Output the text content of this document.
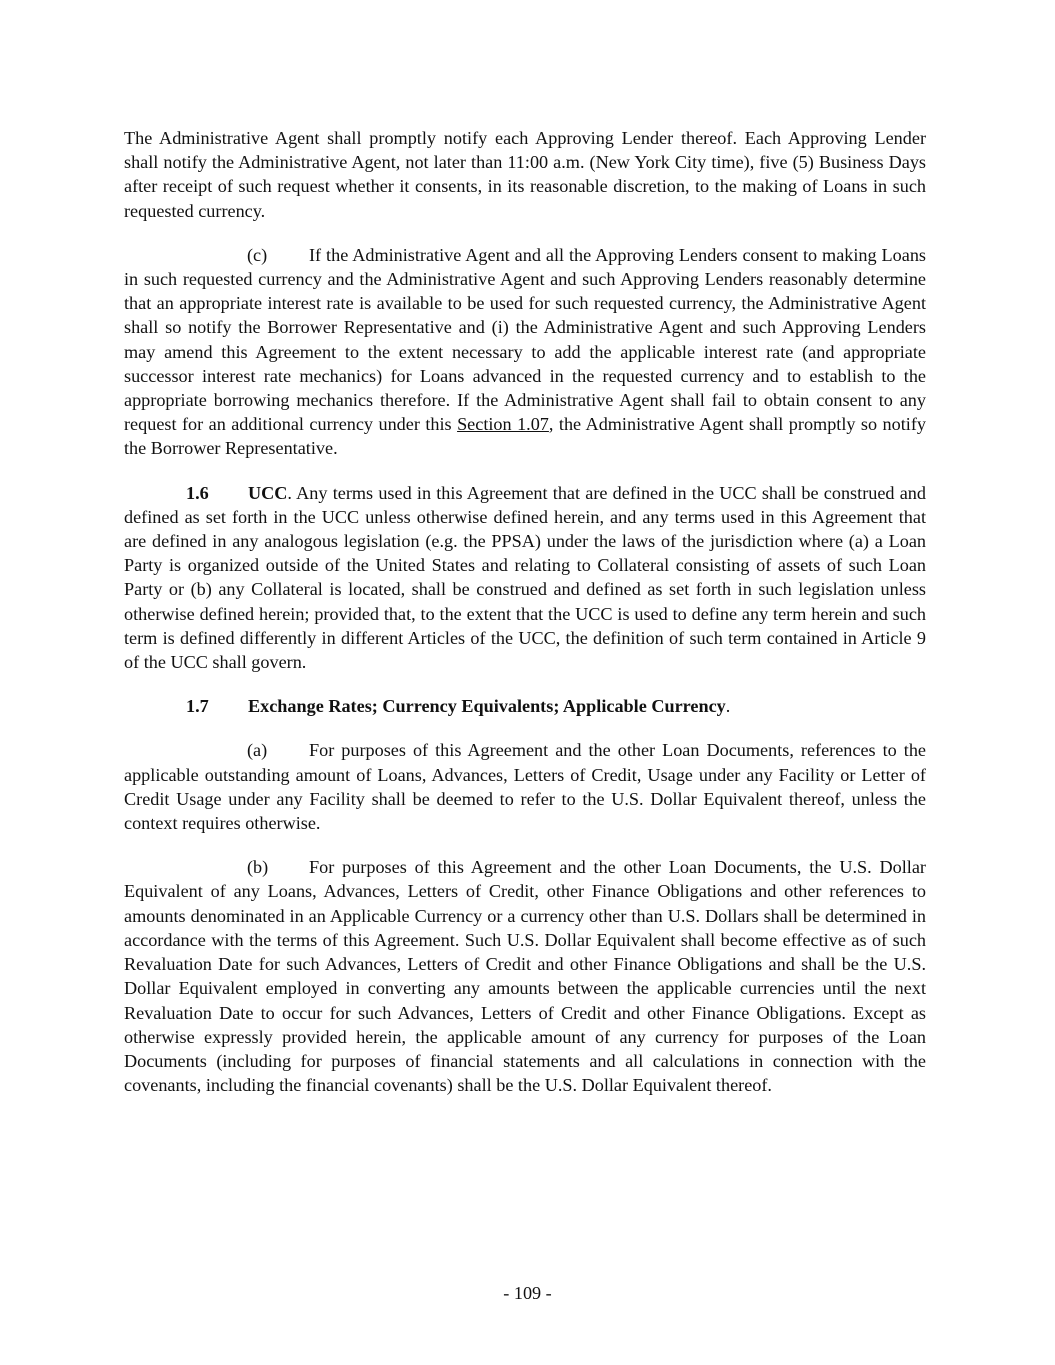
The Administrative Agent shall promptly notify each Approving Lender thereof. Each Approving Lender shall notify the Administrative Agent, not later than 11:00 a.m. (New York City time), five (5) Business Days after receipt of such request whether it consents, in its reasonable discretion, to the making of Loans in such requested currency.

(c) If the Administrative Agent and all the Approving Lenders consent to making Loans in such requested currency and the Administrative Agent and such Approving Lenders reasonably determine that an appropriate interest rate is available to be used for such requested currency, the Administrative Agent shall so notify the Borrower Representative and (i) the Administrative Agent and such Approving Lenders may amend this Agreement to the extent necessary to add the applicable interest rate (and appropriate successor interest rate mechanics) for Loans advanced in the requested currency and to establish to the appropriate borrowing mechanics therefore. If the Administrative Agent shall fail to obtain consent to any request for an additional currency under this Section 1.07, the Administrative Agent shall promptly so notify the Borrower Representative.

1.6 UCC. Any terms used in this Agreement that are defined in the UCC shall be construed and defined as set forth in the UCC unless otherwise defined herein, and any terms used in this Agreement that are defined in any analogous legislation (e.g. the PPSA) under the laws of the jurisdiction where (a) a Loan Party is organized outside of the United States and relating to Collateral consisting of assets of such Loan Party or (b) any Collateral is located, shall be construed and defined as set forth in such legislation unless otherwise defined herein; provided that, to the extent that the UCC is used to define any term herein and such term is defined differently in different Articles of the UCC, the definition of such term contained in Article 9 of the UCC shall govern.

1.7 Exchange Rates; Currency Equivalents; Applicable Currency.

(a) For purposes of this Agreement and the other Loan Documents, references to the applicable outstanding amount of Loans, Advances, Letters of Credit, Usage under any Facility or Letter of Credit Usage under any Facility shall be deemed to refer to the U.S. Dollar Equivalent thereof, unless the context requires otherwise.

(b) For purposes of this Agreement and the other Loan Documents, the U.S. Dollar Equivalent of any Loans, Advances, Letters of Credit, other Finance Obligations and other references to amounts denominated in an Applicable Currency or a currency other than U.S. Dollars shall be determined in accordance with the terms of this Agreement. Such U.S. Dollar Equivalent shall become effective as of such Revaluation Date for such Advances, Letters of Credit and other Finance Obligations and shall be the U.S. Dollar Equivalent employed in converting any amounts between the applicable currencies until the next Revaluation Date to occur for such Advances, Letters of Credit and other Finance Obligations. Except as otherwise expressly provided herein, the applicable amount of any currency for purposes of the Loan Documents (including for purposes of financial statements and all calculations in connection with the covenants, including the financial covenants) shall be the U.S. Dollar Equivalent thereof.

- 109 -
